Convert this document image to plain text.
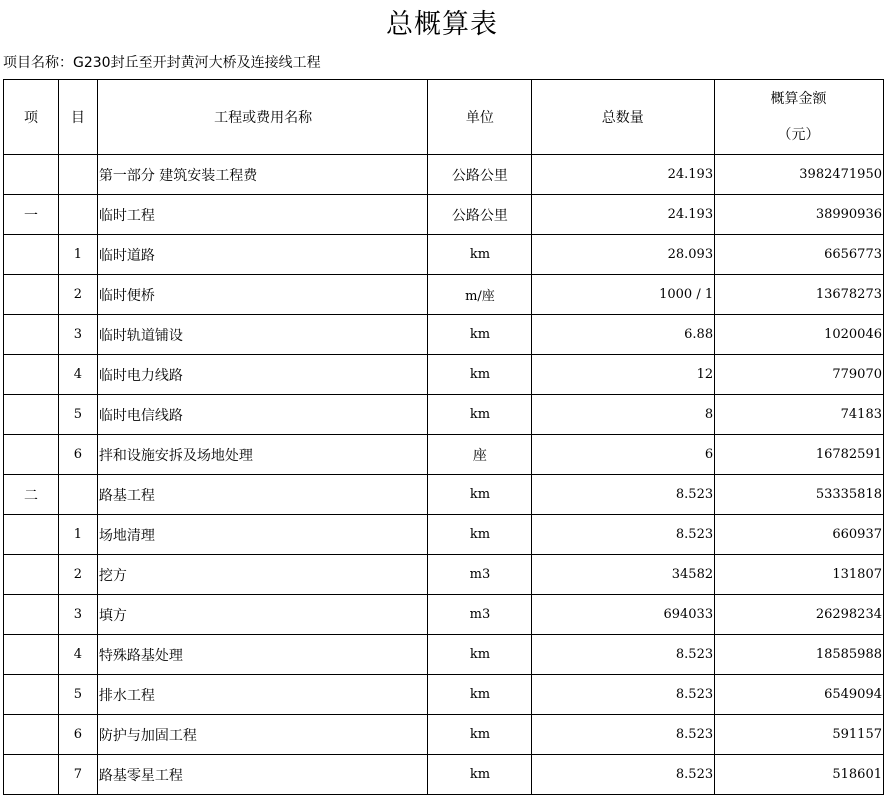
总概算表
项目名称：G230封丘至开封黄河大桥及连接线工程
项	目	工程或费用名称	单位	总数量	概算金额
（元）

		第一部分 建筑安装工程费	公路公里	24.193	3982471950
一		临时工程	公路公里	24.193	38990936
	1	临时道路	km	28.093	6656773
	2	临时便桥	m/座	1000 / 1	13678273
	3	临时轨道铺设	km	6.88	1020046
	4	临时电力线路	km	12	779070
	5	临时电信线路	km	8	74183
	6	拌和设施安拆及场地处理	座	6	16782591
二		路基工程	km	8.523	53335818
	1	场地清理	km	8.523	660937
	2	挖方	m3	34582	131807
	3	填方	m3	694033	26298234
	4	特殊路基处理	km	8.523	18585988
	5	排水工程	km	8.523	6549094
	6	防护与加固工程	km	8.523	591157
	7	路基零星工程	km	8.523	518601
